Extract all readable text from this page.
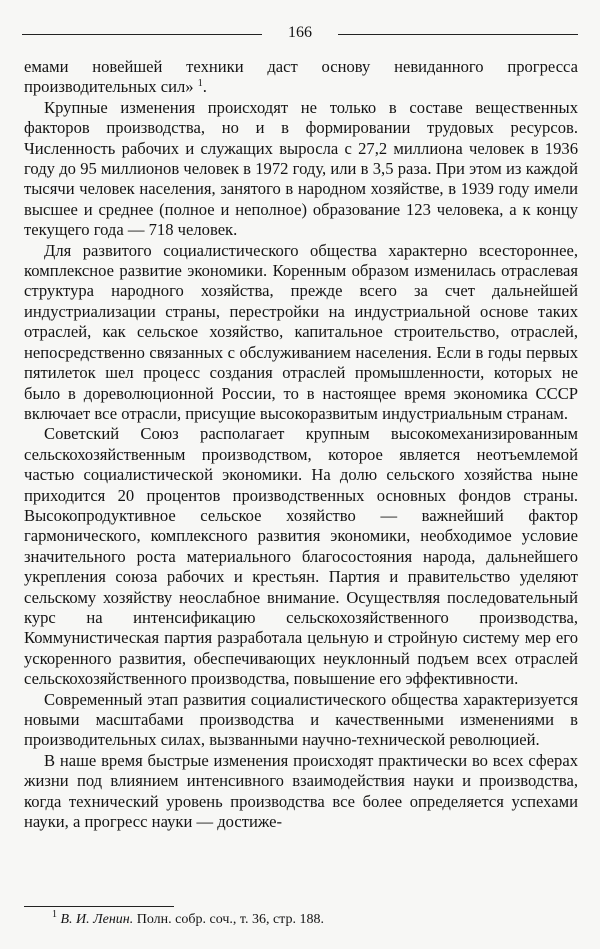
166

емами новейшей техники даст основу невиданного прогресса производительных сил» $^1$.

Крупные изменения происходят не только в составе вещественных факторов производства, но и в формировании трудовых ресурсов. Численность рабочих и служащих выросла с 27,2 миллиона человек в 1936 году до 95 миллионов человек в 1972 году, или в 3,5 раза. При этом из каждой тысячи человек населения, занятого в народном хозяйстве, в 1939 году имели высшее и среднее (полное и неполное) образование 123 человека, а к концу текущего года — 718 человек.

Для развитого социалистического общества характерно всестороннее, комплексное развитие экономики. Коренным образом изменилась отраслевая структура народного хозяйства, прежде всего за счет дальнейшей индустриализации страны, перестройки на индустриальной основе таких отраслей, как сельское хозяйство, капитальное строительство, отраслей, непосредственно связанных с обслуживанием населения. Если в годы первых пятилеток шел процесс создания отраслей промышленности, которых не было в дореволюционной России, то в настоящее время экономика СССР включает все отрасли, присущие высокоразвитым индустриальным странам.

Советский Союз располагает крупным высокомеханизированным сельскохозяйственным производством, которое является неотъемлемой частью социалистической экономики. На долю сельского хозяйства ныне приходится 20 процентов производственных основных фондов страны. Высокопродуктивное сельское хозяйство — важнейший фактор гармонического, комплексного развития экономики, необходимое условие значительного роста материального благосостояния народа, дальнейшего укрепления союза рабочих и крестьян. Партия и правительство уделяют сельскому хозяйству неослабное внимание. Осуществляя последовательный курс на интенсификацию сельскохозяйственного производства, Коммунистическая партия разработала цельную и стройную систему мер его ускоренного развития, обеспечивающих неуклонный подъем всех отраслей сельскохозяйственного производства, повышение его эффективности.

Современный этап развития социалистического общества характеризуется новыми масштабами производства и качественными изменениями в производительных силах, вызванными научно-технической революцией.

В наше время быстрые изменения происходят практически во всех сферах жизни под влиянием интенсивного взаимодействия науки и производства, когда технический уровень производства все более определяется успехами науки, а прогресс науки — достиже-

$^1$ В. И. Ленин. Полн. собр. соч., т. 36, стр. 188.
